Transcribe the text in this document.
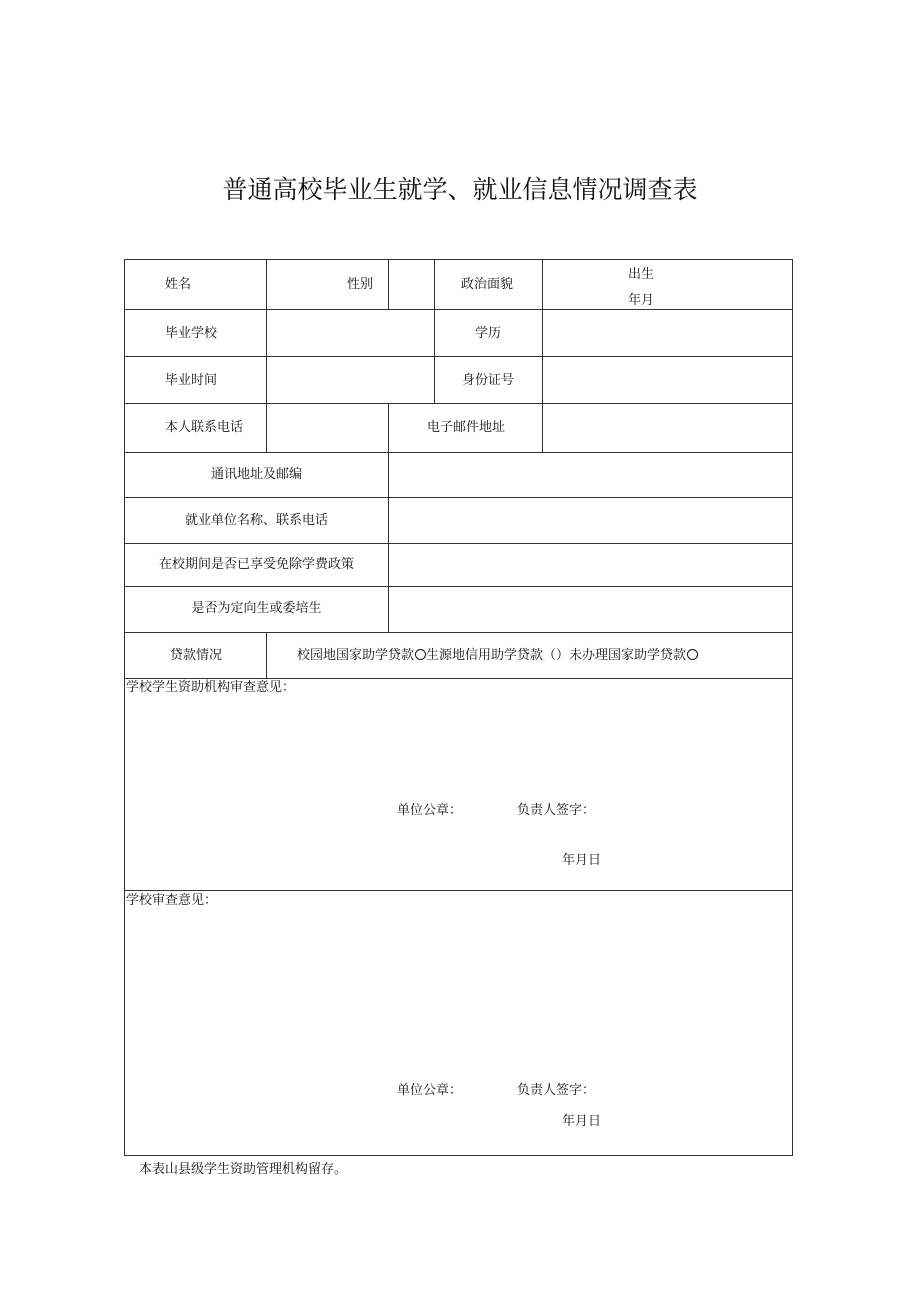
普通高校毕业生就学、就业信息情况调查表
姓名	性别	政治面貌
出生
年月
毕业学校	学历
毕业时间	身份证号
本人联系电话	电子邮件地址
通讯地址及邮编
就业单位名称、联系电话
在校期间是否已享受免除学费政策
是否为定向生或委培生
贷款情况	校园地国家助学贷款 生源地信用助学贷款（）未办理国家助学贷款
学校学生资助机构审查意见：
单位公章：	负责人签字：
年月日
学校审查意见：
单位公章：	负责人签字：
年月日
本表山县级学生资助管理机构留存。
